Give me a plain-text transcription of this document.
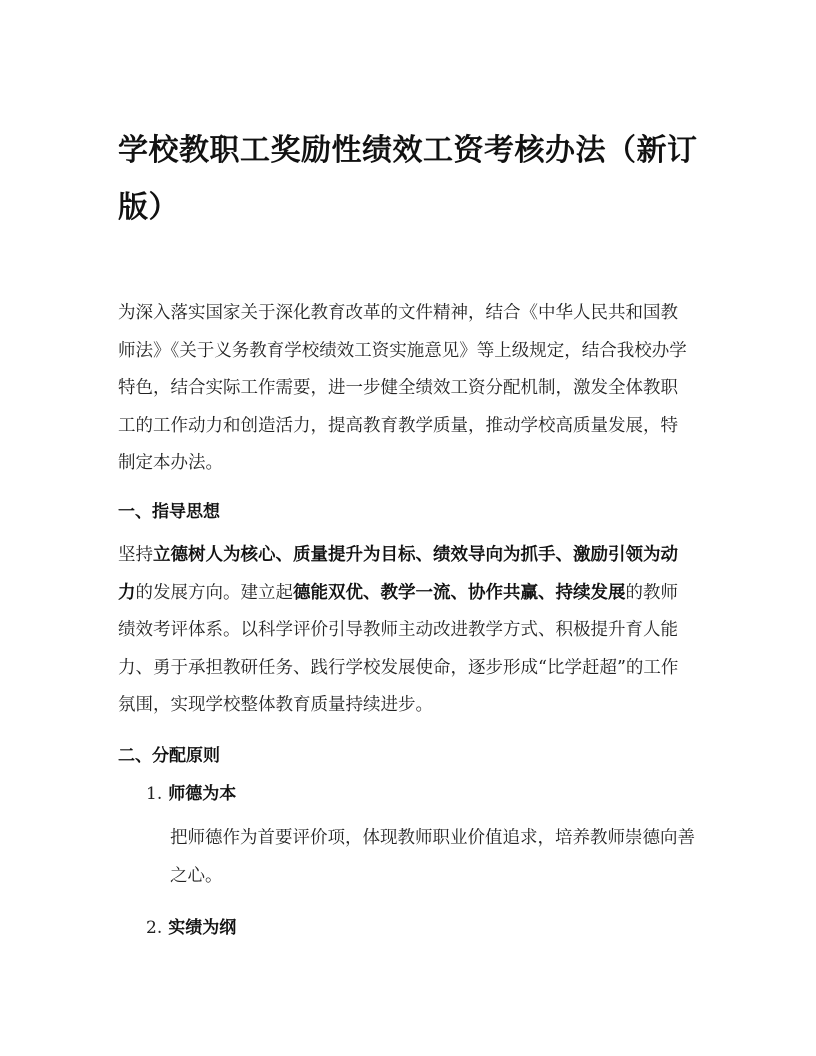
学校教职工奖励性绩效工资考核办法（新订版）

为深入落实国家关于深化教育改革的文件精神，结合《中华人民共和国教师法》《关于义务教育学校绩效工资实施意见》等上级规定，结合我校办学特色，结合实际工作需要，进一步健全绩效工资分配机制，激发全体教职工的工作动力和创造活力，提高教育教学质量，推动学校高质量发展，特制定本办法。

一、指导思想

坚持立德树人为核心、质量提升为目标、绩效导向为抓手、激励引领为动力的发展方向。建立起德能双优、教学一流、协作共赢、持续发展的教师绩效考评体系。以科学评价引导教师主动改进教学方式、积极提升育人能力、勇于承担教研任务、践行学校发展使命，逐步形成“比学赶超”的工作氛围，实现学校整体教育质量持续进步。

二、分配原则

1. 师德为本

把师德作为首要评价项，体现教师职业价值追求，培养教师崇德向善之心。

2. 实绩为纲
